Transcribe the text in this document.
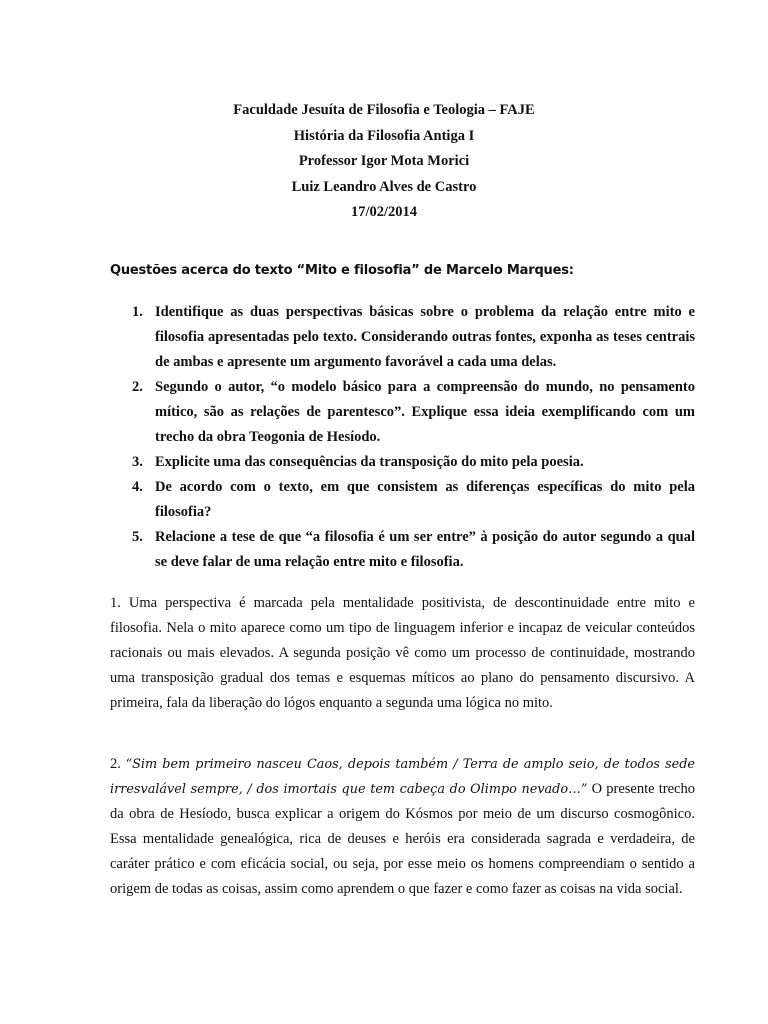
Faculdade Jesuíta de Filosofia e Teologia – FAJE
História da Filosofia Antiga I
Professor Igor Mota Morici
Luiz Leandro Alves de Castro
17/02/2014
Questões acerca do texto “Mito e filosofia” de Marcelo Marques:
1. Identifique as duas perspectivas básicas sobre o problema da relação entre mito e filosofia apresentadas pelo texto. Considerando outras fontes, exponha as teses centrais de ambas e apresente um argumento favorável a cada uma delas.
2. Segundo o autor, “o modelo básico para a compreensão do mundo, no pensamento mítico, são as relações de parentesco”. Explique essa ideia exemplificando com um trecho da obra Teogonia de Hesíodo.
3. Explicite uma das consequências da transposição do mito pela poesia.
4. De acordo com o texto, em que consistem as diferenças específicas do mito pela filosofia?
5. Relacione a tese de que “a filosofia é um ser entre” à posição do autor segundo a qual se deve falar de uma relação entre mito e filosofia.

1. Uma perspectiva é marcada pela mentalidade positivista, de descontinuidade entre mito e filosofia. Nela o mito aparece como um tipo de linguagem inferior e incapaz de veicular conteúdos racionais ou mais elevados. A segunda posição vê como um processo de continuidade, mostrando uma transposição gradual dos temas e esquemas míticos ao plano do pensamento discursivo. A primeira, fala da liberação do lógos enquanto a segunda uma lógica no mito.

2. “Sim bem primeiro nasceu Caos, depois também / Terra de amplo seio, de todos sede irresvalável sempre, / dos imortais que tem cabeça do Olimpo nevado…” O presente trecho da obra de Hesíodo, busca explicar a origem do Kósmos por meio de um discurso cosmogônico. Essa mentalidade genealógica, rica de deuses e heróis era considerada sagrada e verdadeira, de caráter prático e com eficácia social, ou seja, por esse meio os homens compreendiam o sentido a origem de todas as coisas, assim como aprendem o que fazer e como fazer as coisas na vida social.
